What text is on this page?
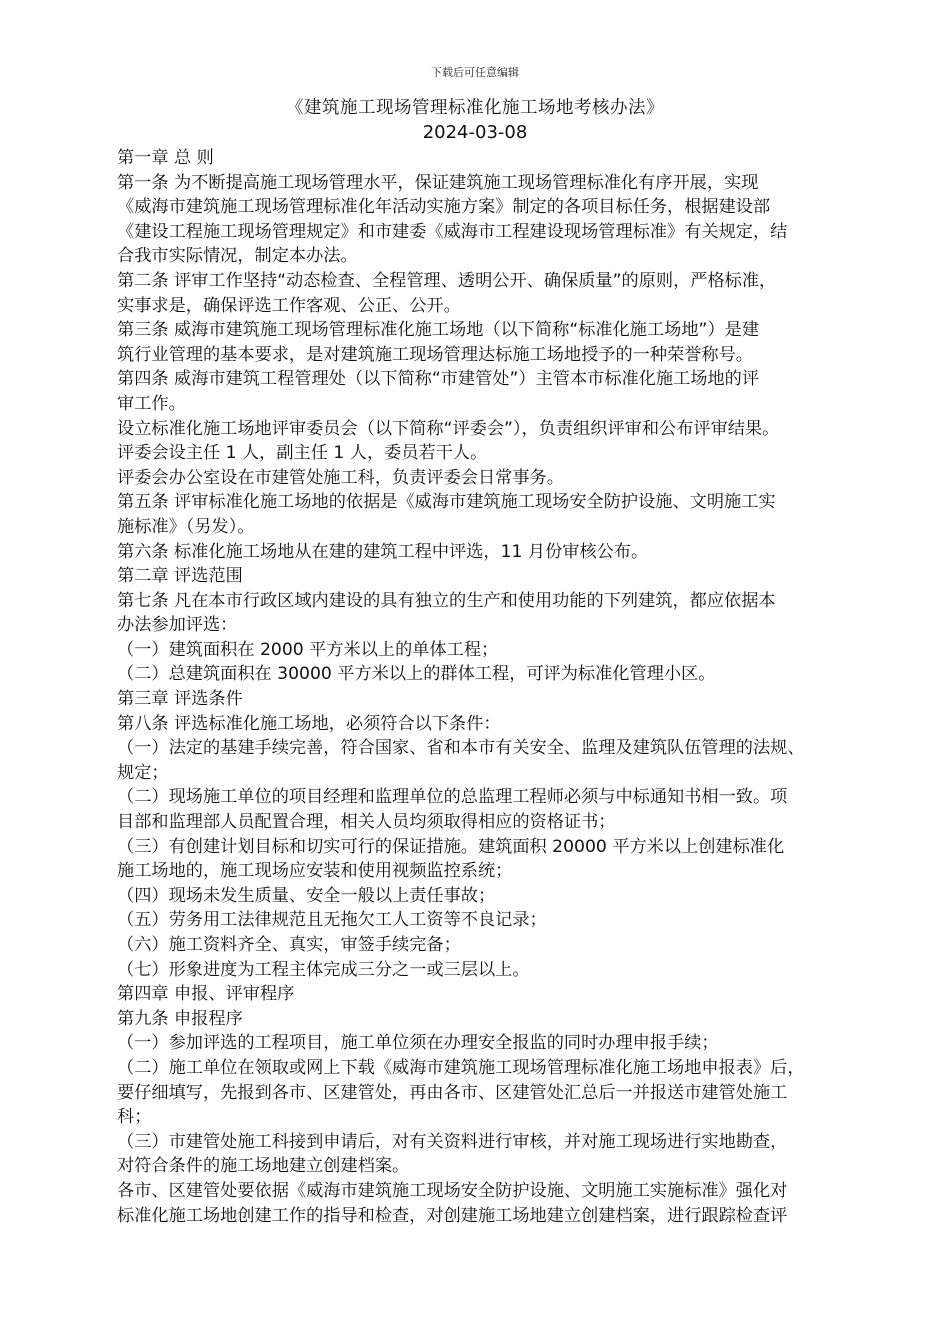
下载后可任意编辑
《建筑施工现场管理标准化施工场地考核办法》
2024-03-08

第一章 总 则

第一条 为不断提高施工现场管理水平，保证建筑施工现场管理标准化有序开展，实现
《威海市建筑施工现场管理标准化年活动实施方案》制定的各项目标任务，根据建设部
《建设工程施工现场管理规定》和市建委《威海市工程建设现场管理标准》有关规定，结
合我市实际情况，制定本办法。

第二条 评审工作坚持“动态检查、全程管理、透明公开、确保质量”的原则，严格标准，
实事求是，确保评选工作客观、公正、公开。

第三条 威海市建筑施工现场管理标准化施工场地（以下简称“标准化施工场地”）是建
筑行业管理的基本要求，是对建筑施工现场管理达标施工场地授予的一种荣誉称号。

第四条 威海市建筑工程管理处（以下简称“市建管处”）主管本市标准化施工场地的评
审工作。

设立标准化施工场地评审委员会（以下简称“评委会”），负责组织评审和公布评审结果。

评委会设主任 1 人，副主任 1 人，委员若干人。

评委会办公室设在市建管处施工科，负责评委会日常事务。

第五条 评审标准化施工场地的依据是《威海市建筑施工现场安全防护设施、文明施工实
施标准》（另发）。

第六条 标准化施工场地从在建的建筑工程中评选，11 月份审核公布。

第二章 评选范围

第七条 凡在本市行政区域内建设的具有独立的生产和使用功能的下列建筑，都应依据本
办法参加评选：

（一）建筑面积在 2000 平方米以上的单体工程；

（二）总建筑面积在 30000 平方米以上的群体工程，可评为标准化管理小区。

第三章 评选条件

第八条 评选标准化施工场地，必须符合以下条件：

（一）法定的基建手续完善，符合国家、省和本市有关安全、监理及建筑队伍管理的法规、
规定；

（二）现场施工单位的项目经理和监理单位的总监理工程师必须与中标通知书相一致。项
目部和监理部人员配置合理，相关人员均须取得相应的资格证书；

（三）有创建计划目标和切实可行的保证措施。建筑面积 20000 平方米以上创建标准化
施工场地的，施工现场应安装和使用视频监控系统；

（四）现场未发生质量、安全一般以上责任事故；

（五）劳务用工法律规范且无拖欠工人工资等不良记录；

（六）施工资料齐全、真实，审签手续完备；

（七）形象进度为工程主体完成三分之一或三层以上。

第四章 申报、评审程序

第九条 申报程序

（一）参加评选的工程项目，施工单位须在办理安全报监的同时办理申报手续；

（二）施工单位在领取或网上下载《威海市建筑施工现场管理标准化施工场地申报表》后，
要仔细填写，先报到各市、区建管处，再由各市、区建管处汇总后一并报送市建管处施工
科；

（三）市建管处施工科接到申请后，对有关资料进行审核，并对施工现场进行实地勘查，
对符合条件的施工场地建立创建档案。

各市、区建管处要依据《威海市建筑施工现场安全防护设施、文明施工实施标准》强化对
标准化施工场地创建工作的指导和检查，对创建施工场地建立创建档案，进行跟踪检查评
